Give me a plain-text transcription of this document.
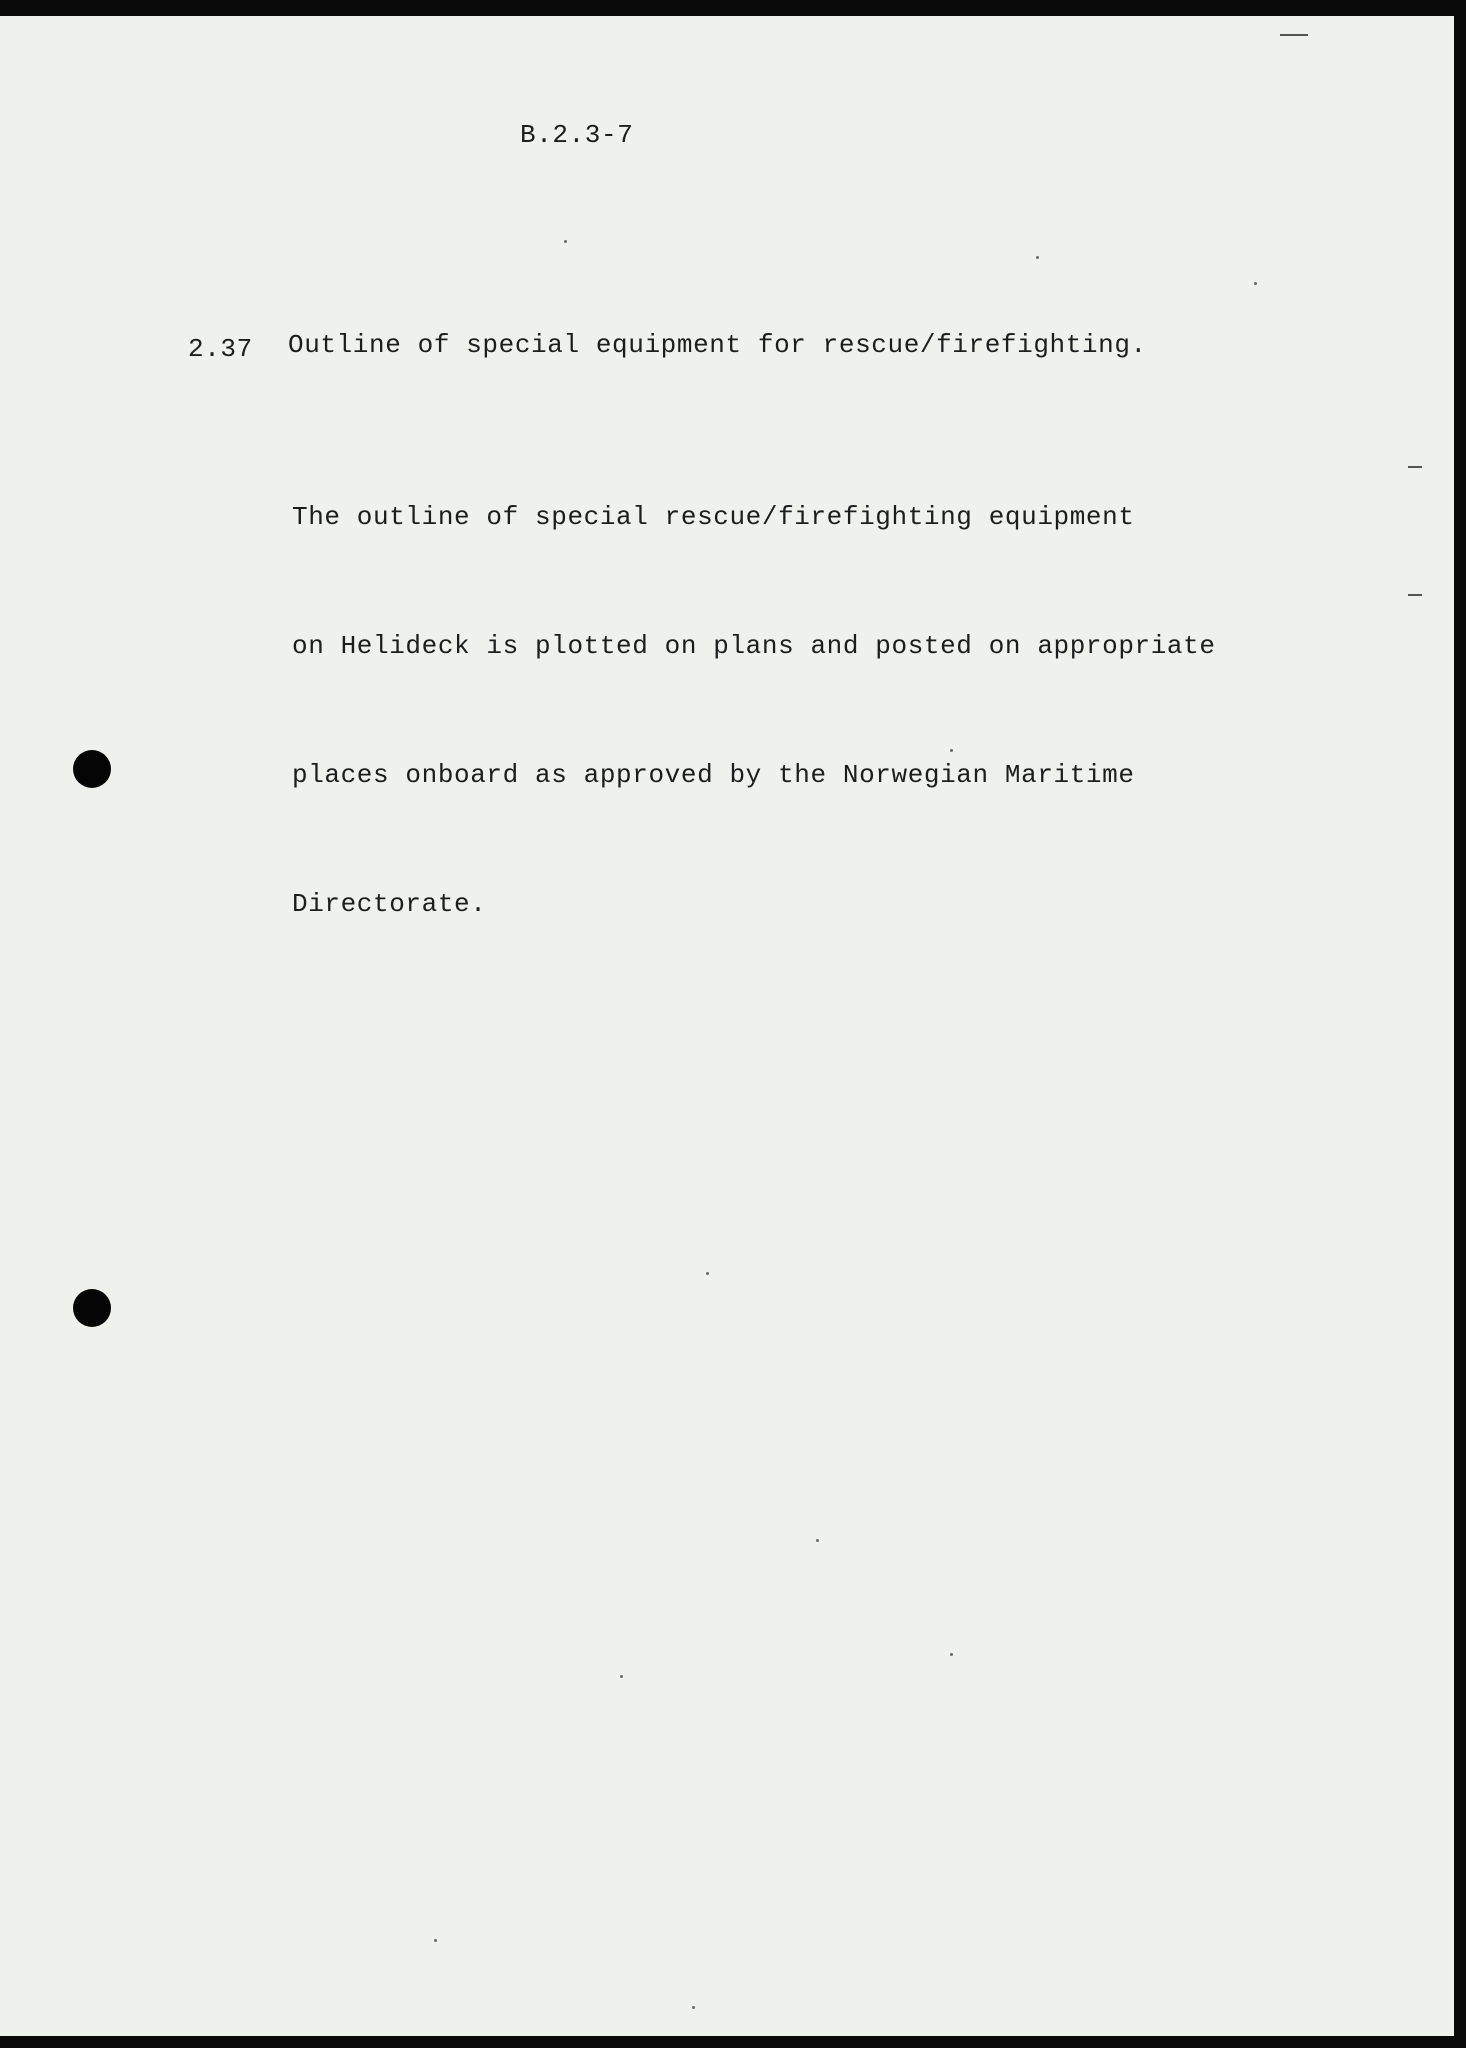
B.2.3-7
2.37 Outline of special equipment for rescue/firefighting.

The outline of special rescue/firefighting equipment

on Helideck is plotted on plans and posted on appropriate

places onboard as approved by the Norwegian Maritime

Directorate.
